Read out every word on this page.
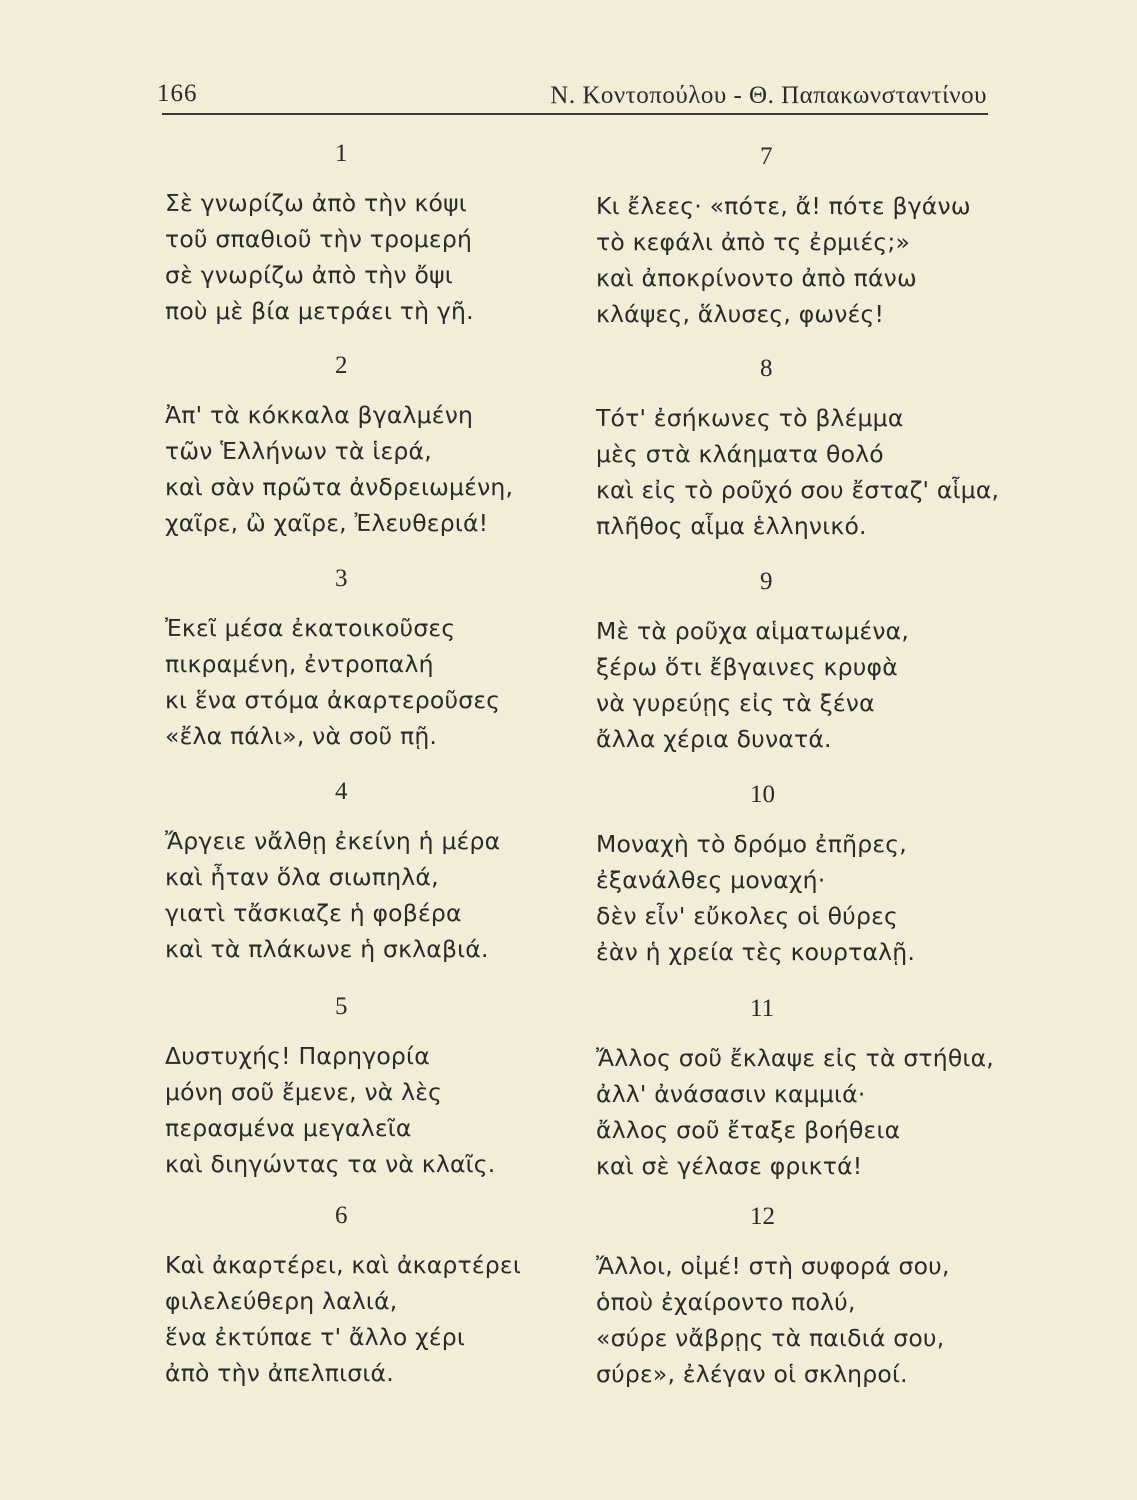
166	Ν. Κοντοπούλου - Θ. Παπακωνσταντίνου
1
Σὲ γνωρίζω ἀπὸ τὴν κόψι
τοῦ σπαθιοῦ τὴν τρομερή
σὲ γνωρίζω ἀπὸ τὴν ὄψι
ποὺ μὲ βία μετράει τὴ γῆ.
2
Ἀπ' τὰ κόκκαλα βγαλμένη
τῶν Ἑλλήνων τὰ ἱερά,
καὶ σὰν πρῶτα ἀνδρειωμένη,
χαῖρε, ὢ χαῖρε, Ἐλευθεριά!
3
Ἐκεῖ μέσα ἐκατοικοῦσες
πικραμένη, ἐντροπαλή
κι ἕνα στόμα ἀκαρτεροῦσες
«ἔλα πάλι», νὰ σοῦ πῇ.
4
Ἄργειε νἄλθῃ ἐκείνη ἡ μέρα
καὶ ἦταν ὅλα σιωπηλά,
γιατὶ τἄσκιαζε ἡ φοβέρα
καὶ τὰ πλάκωνε ἡ σκλαβιά.
5
Δυστυχής! Παρηγορία
μόνη σοῦ ἔμενε, νὰ λὲς
περασμένα μεγαλεῖα
καὶ διηγώντας τα νὰ κλαῖς.
6
Καὶ ἀκαρτέρει, καὶ ἀκαρτέρει
φιλελεύθερη λαλιά,
ἕνα ἐκτύπαε τ' ἄλλο χέρι
ἀπὸ τὴν ἀπελπισιά.
7
Κι ἔλεες· «πότε, ἄ! πότε βγάνω
τὸ κεφάλι ἀπὸ τς ἐρμιές;»
καὶ ἀποκρίνοντο ἀπὸ πάνω
κλάψες, ἅλυσες, φωνές!
8
Τότ' ἐσήκωνες τὸ βλέμμα
μὲς στὰ κλάηματα θολό
καὶ εἰς τὸ ροῦχό σου ἔσταζ' αἷμα,
πλῆθος αἷμα ἑλληνικό.
9
Μὲ τὰ ροῦχα αἱματωμένα,
ξέρω ὅτι ἔβγαινες κρυφὰ
νὰ γυρεύῃς εἰς τὰ ξένα
ἄλλα χέρια δυνατά.
10
Μοναχὴ τὸ δρόμο ἐπῆρες,
ἐξανάλθες μοναχή·
δὲν εἶν' εὔκολες οἱ θύρες
ἐὰν ἡ χρεία τὲς κουρταλῇ.
11
Ἄλλος σοῦ ἔκλαψε εἰς τὰ στήθια,
ἀλλ' ἀνάσασιν καμμιά·
ἄλλος σοῦ ἔταξε βοήθεια
καὶ σὲ γέλασε φρικτά!
12
Ἄλλοι, οἰμέ! στὴ συφορά σου,
ὁποὺ ἐχαίροντο πολύ,
«σύρε νἄβρῃς τὰ παιδιά σου,
σύρε», ἐλέγαν οἱ σκληροί.
